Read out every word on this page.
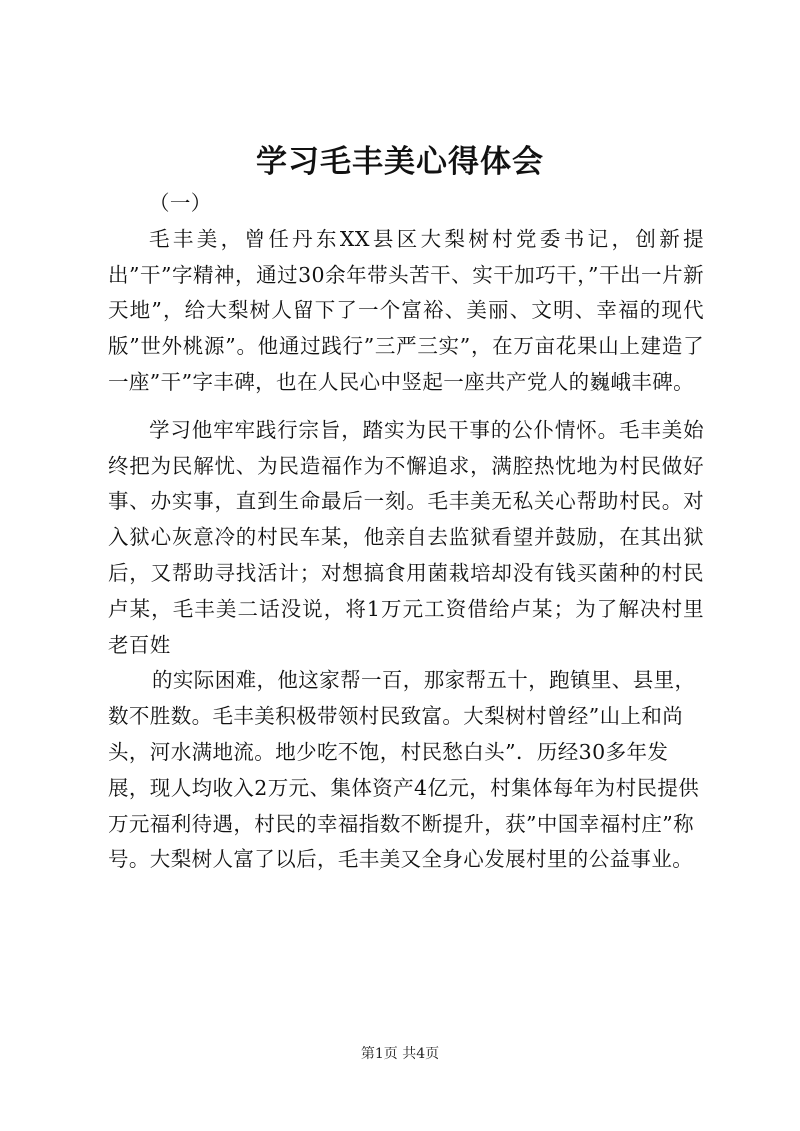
学习毛丰美心得体会

（一）

毛丰美，曾任丹东XX县区大梨树村党委书记，创新提出”干”字精神，通过30余年带头苦干、实干加巧干，”干出一片新天地”，给大梨树人留下了一个富裕、美丽、文明、幸福的现代版”世外桃源”。他通过践行”三严三实”，在万亩花果山上建造了一座”干”字丰碑，也在人民心中竖起一座共产党人的巍峨丰碑。

学习他牢牢践行宗旨，踏实为民干事的公仆情怀。毛丰美始终把为民解忧、为民造福作为不懈追求，满腔热忱地为村民做好事、办实事，直到生命最后一刻。毛丰美无私关心帮助村民。对入狱心灰意冷的村民车某，他亲自去监狱看望并鼓励，在其出狱后，又帮助寻找活计；对想搞食用菌栽培却没有钱买菌种的村民卢某，毛丰美二话没说，将1万元工资借给卢某；为了解决村里老百姓

的实际困难，他这家帮一百，那家帮五十，跑镇里、县里，数不胜数。毛丰美积极带领村民致富。大梨树村曾经”山上和尚头，河水满地流。地少吃不饱，村民愁白头”．历经30多年发展，现人均收入2万元、集体资产4亿元，村集体每年为村民提供万元福利待遇，村民的幸福指数不断提升，获”中国幸福村庄”称号。大梨树人富了以后，毛丰美又全身心发展村里的公益事业。

第1页 共4页
